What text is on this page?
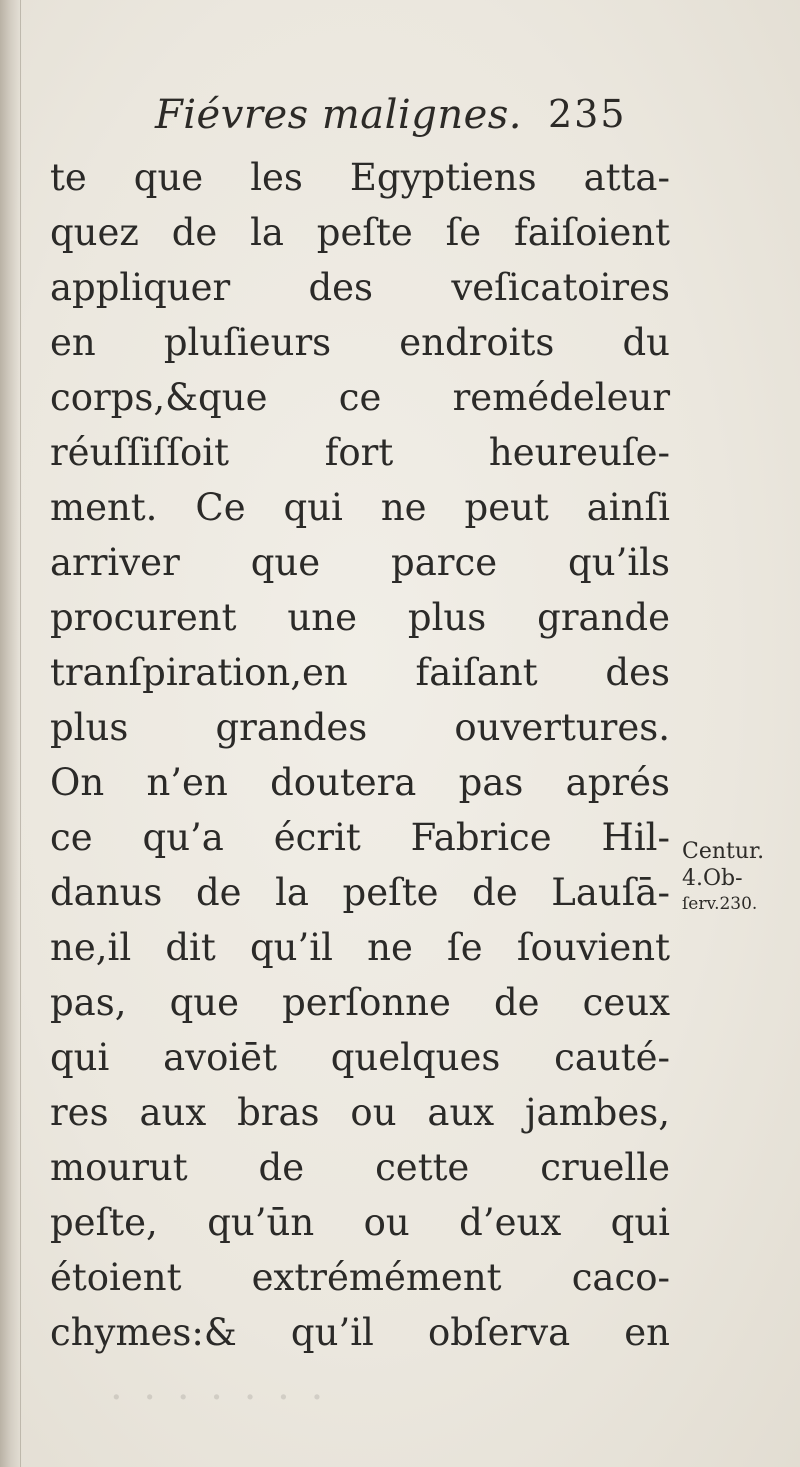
Fiévres malignes. 235
te que les Egyptiens atta-
quez de la peſte ſe faiſoient
appliquer des veſicatoires
en pluſieurs endroits du
corps,&que ce remédeleur
réuſſiſſoit fort heureuſe-
ment. Ce qui ne peut ainſi
arriver que parce qu’ils
procurent une plus grande
tranſpiration,en faiſant des
plus grandes ouvertures.
On n’en doutera pas aprés
ce qu’a écrit Fabrice Hil-
danus de la peſte de Lauſā-
ne,il dit qu’il ne ſe ſouvient
pas, que perſonne de ceux
qui avoiēt quelques cauté-
res aux bras ou aux jambes,
mourut de cette cruelle
peſte, qu’ūn ou d’eux qui
étoient extrémément caco-
chymes:& qu’il obſerva en
Centur.
4.Ob-
ſerv.230.
· · · · · · ·
